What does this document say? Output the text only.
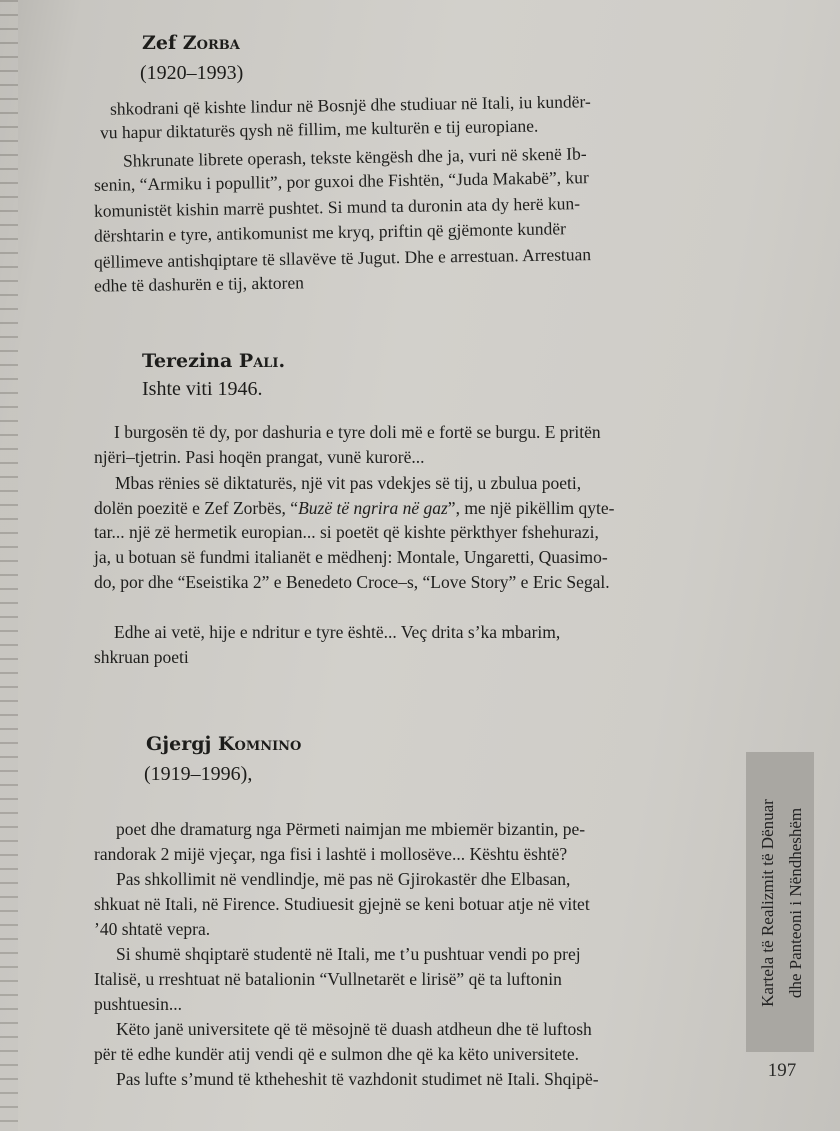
Zef Zorba
(1920–1993)
shkodrani që kishte lindur në Bosnjë dhe studiuar në Itali, iu kundër-
vu hapur diktaturës qysh në fillim, me kulturën e tij europiane.
Shkrunate librete operash, tekste këngësh dhe ja, vuri në skenë Ib-
senin, “Armiku i popullit”, por guxoi dhe Fishtën, “Juda Makabë”, kur
komunistët kishin marrë pushtet. Si mund ta duronin ata dy herë kun-
dërshtarin e tyre, antikomunist me kryq, priftin që gjëmonte kundër
qëllimeve antishqiptare të sllavëve të Jugut. Dhe e arrestuan. Arrestuan
edhe të dashurën e tij, aktoren
Terezina Pali.
Ishte viti 1946.
I burgosën të dy, por dashuria e tyre doli më e fortë se burgu. E pritën
njëri–tjetrin. Pasi hoqën prangat, vunë kurorë...
Mbas rënies së diktaturës, një vit pas vdekjes së tij, u zbulua poeti,
dolën poezitë e Zef Zorbës, “Buzë të ngrira në gaz”, me një pikëllim qyte-
tar... një zë hermetik europian... si poetët që kishte përkthyer fshehurazi,
ja, u botuan së fundmi italianët e mëdhenj: Montale, Ungaretti, Quasimo-
do, por dhe “Eseistika 2” e Benedeto Croce–s, “Love Story” e Eric Segal.
Edhe ai vetë, hije e ndritur e tyre është... Veç drita s’ka mbarim,
shkruan poeti
Gjergj Komnino
(1919–1996),
poet dhe dramaturg nga Përmeti naimjan me mbiemër bizantin, pe-
randorak 2 mijë vjeçar, nga fisi i lashtë i mollosëve... Kështu është?
Pas shkollimit në vendlindje, më pas në Gjirokastër dhe Elbasan,
shkuat në Itali, në Firence. Studiuesit gjejnë se keni botuar atje në vitet
’40 shtatë vepra.
Si shumë shqiptarë studentë në Itali, me t’u pushtuar vendi po prej
Italisë, u rreshtuat në batalionin “Vullnetarët e lirisë” që ta luftonin
pushtuesin...
Këto janë universitete që të mësojnë të duash atdheun dhe të luftosh
për të edhe kundër atij vendi që e sulmon dhe që ka këto universitete.
Pas lufte s’mund të ktheheshit të vazhdonit studimet në Itali. Shqipë-
Kartela të Realizmit të Dënuar dhe Panteoni i Nëndheshëm
197
